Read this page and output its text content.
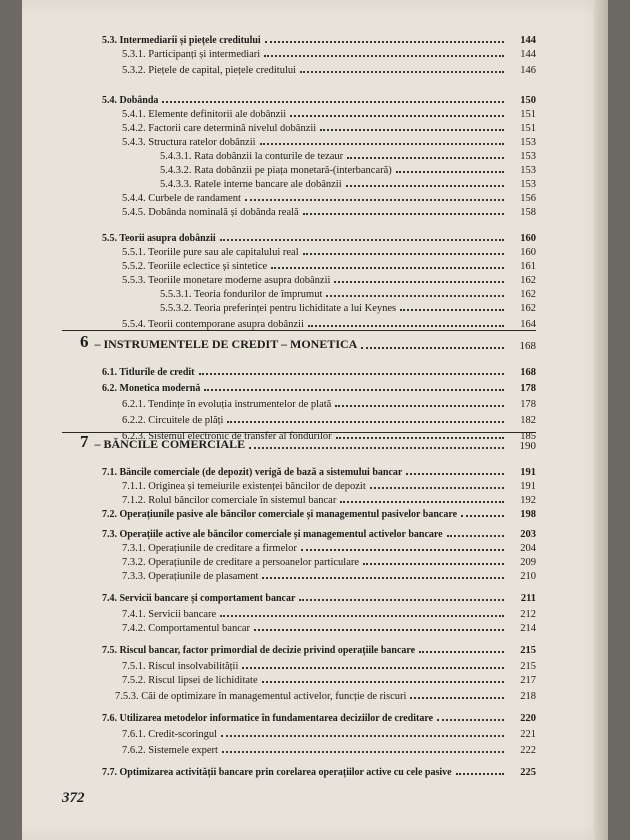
5.3. Intermediarii și piețele creditului	144
5.3.1. Participanți și intermediari	144
5.3.2. Piețele de capital, piețele creditului	146
5.4. Dobânda	150
5.4.1. Elemente definitorii ale dobânzii	151
5.4.2. Factorii care determină nivelul dobânzii	151
5.4.3. Structura ratelor dobânzii	153
5.4.3.1. Rata dobânzii la conturile de tezaur	153
5.4.3.2. Rata dobânzii pe piața monetară-(interbancară)	153
5.4.3.3. Ratele interne bancare ale dobânzii	153
5.4.4. Curbele de randament	156
5.4.5. Dobânda nominală și dobânda reală	158
5.5. Teorii asupra dobânzii	160
5.5.1. Teoriile pure sau ale capitalului real	160
5.5.2. Teoriile eclectice și sintetice	161
5.5.3. Teoriile monetare moderne asupra dobânzii	162
5.5.3.1. Teoria fondurilor de împrumut	162
5.5.3.2. Teoria preferinței pentru lichiditate a lui Keynes	162
5.5.4. Teorii contemporane asupra dobânzii	164
6 – INSTRUMENTELE DE CREDIT – MONETICA	168
6.1. Titlurile de credit	168
6.2. Monetica modernă	178
6.2.1. Tendințe în evoluția instrumentelor de plată	178
6.2.2. Circuitele de plăți	182
6.2.3. Sistemul electronic de transfer al fondurilor	185
7 – BĂNCILE COMERCIALE	190
7.1. Băncile comerciale (de depozit) verigă de bază a sistemului bancar	191
7.1.1. Originea și temeiurile existenței băncilor de depozit	191
7.1.2. Rolul băncilor comerciale în sistemul bancar	192
7.2. Operațiunile pasive ale băncilor comerciale și managementul pasivelor bancare	198
7.3. Operațiile active ale băncilor comerciale și managementul activelor bancare	203
7.3.1. Operațiunile de creditare a firmelor	204
7.3.2. Operațiunile de creditare a persoanelor particulare	209
7.3.3. Operațiunile de plasament	210
7.4. Servicii bancare și comportament bancar	211
7.4.1. Servicii bancare	212
7.4.2. Comportamentul bancar	214
7.5. Riscul bancar, factor primordial de decizie privind operațiile bancare	215
7.5.1. Riscul insolvabilității	215
7.5.2. Riscul lipsei de lichiditate	217
7.5.3. Căi de optimizare în managementul activelor, funcție de riscuri	218
7.6. Utilizarea metodelor informatice în fundamentarea deciziilor de creditare	220
7.6.1. Credit-scoringul	221
7.6.2. Sistemele expert	222
7.7. Optimizarea activității bancare prin corelarea operațiilor active cu cele pasive	225
372
